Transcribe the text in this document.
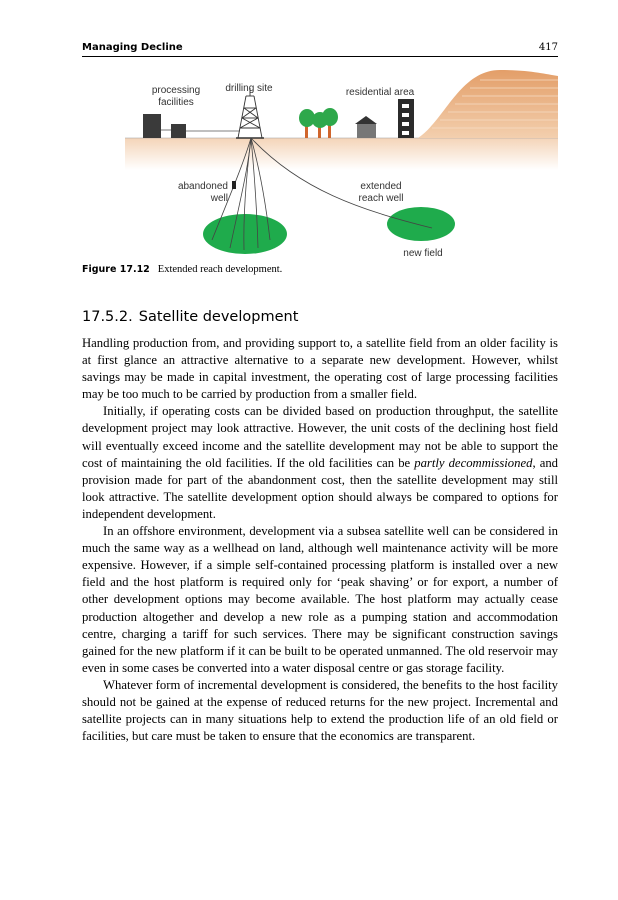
Managing Decline	417
processing
facilities
drilling site	residential area
abandoned
well
extended
reach well
new field
Figure 17.12 Extended reach development.
17.5.2. Satellite development

Handling production from, and providing support to, a satellite field from an older facility is at first glance an attractive alternative to a separate new development. However, whilst savings may be made in capital investment, the operating cost of large processing facilities may be too much to be carried by production from a smaller field.

Initially, if operating costs can be divided based on production throughput, the satellite development project may look attractive. However, the unit costs of the declining host field will eventually exceed income and the satellite development may not be able to support the cost of maintaining the old facilities. If the old facilities can be partly decommissioned, and provision made for part of the abandonment cost, then the satellite development may still look attractive. The satellite development option should always be compared to options for independent development.

In an offshore environment, development via a subsea satellite well can be considered in much the same way as a wellhead on land, although well maintenance activity will be more expensive. However, if a simple self-contained processing platform is installed over a new field and the host platform is required only for ‘peak shaving’ or for export, a number of other development options may become available. The host platform may actually cease production altogether and develop a new role as a pumping station and accommodation centre, charging a tariff for such services. There may be significant construction savings gained for the new platform if it can be built to be operated unmanned. The old reservoir may even in some cases be converted into a water disposal centre or gas storage facility.

Whatever form of incremental development is considered, the benefits to the host facility should not be gained at the expense of reduced returns for the new project. Incremental and satellite projects can in many situations help to extend the production life of an old field or facilities, but care must be taken to ensure that the economics are transparent.
